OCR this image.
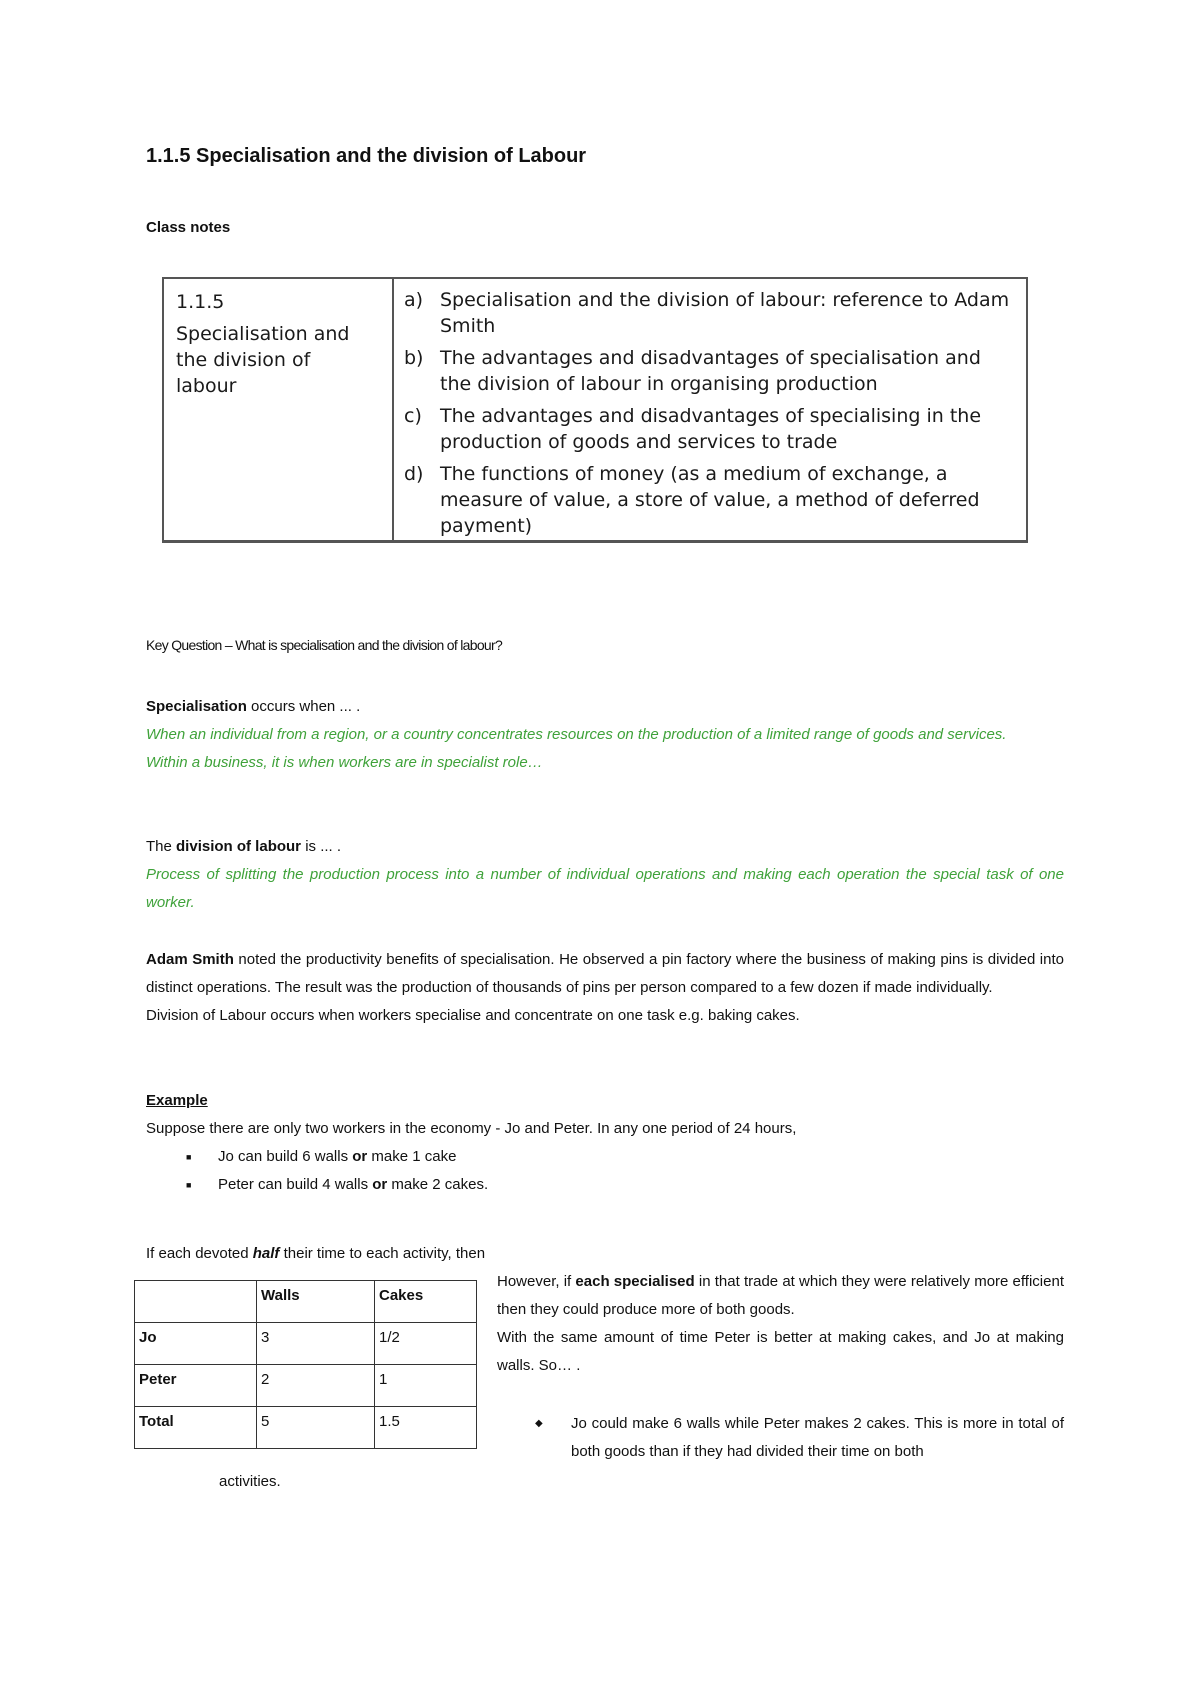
1.1.5 Specialisation and the division of Labour
Class notes
1.1.5
Specialisation and the division of labour
a) Specialisation and the division of labour: reference to Adam Smith
b) The advantages and disadvantages of specialisation and the division of labour in organising production
c) The advantages and disadvantages of specialising in the production of goods and services to trade
d) The functions of money (as a medium of exchange, a measure of value, a store of value, a method of deferred payment)
Key Question – What is specialisation and the division of labour?
Specialisation occurs when ... .
When an individual from a region, or a country concentrates resources on the production of a limited range of goods and services.
Within a business, it is when workers are in specialist role…
The division of labour is ... .
Process of splitting the production process into a number of individual operations and making each operation the special task of one worker.
Adam Smith noted the productivity benefits of specialisation. He observed a pin factory where the business of making pins is divided into distinct operations. The result was the production of thousands of pins per person compared to a few dozen if made individually.
Division of Labour occurs when workers specialise and concentrate on one task e.g. baking cakes.
Example
Suppose there are only two workers in the economy - Jo and Peter. In any one period of 24 hours,
■	Jo can build 6 walls or make 1 cake
■	Peter can build 4 walls or make 2 cakes.
If each devoted half their time to each activity, then
	Walls	Cakes
Jo	3	1/2
Peter	2	1
Total	5	1.5
However, if each specialised in that trade at which they were relatively more efficient then they could produce more of both goods.
With the same amount of time Peter is better at making cakes, and Jo at making walls. So… .
◆	Jo could make 6 walls while Peter makes 2 cakes. This is more in total of both goods than if they had divided their time on both
activities.
